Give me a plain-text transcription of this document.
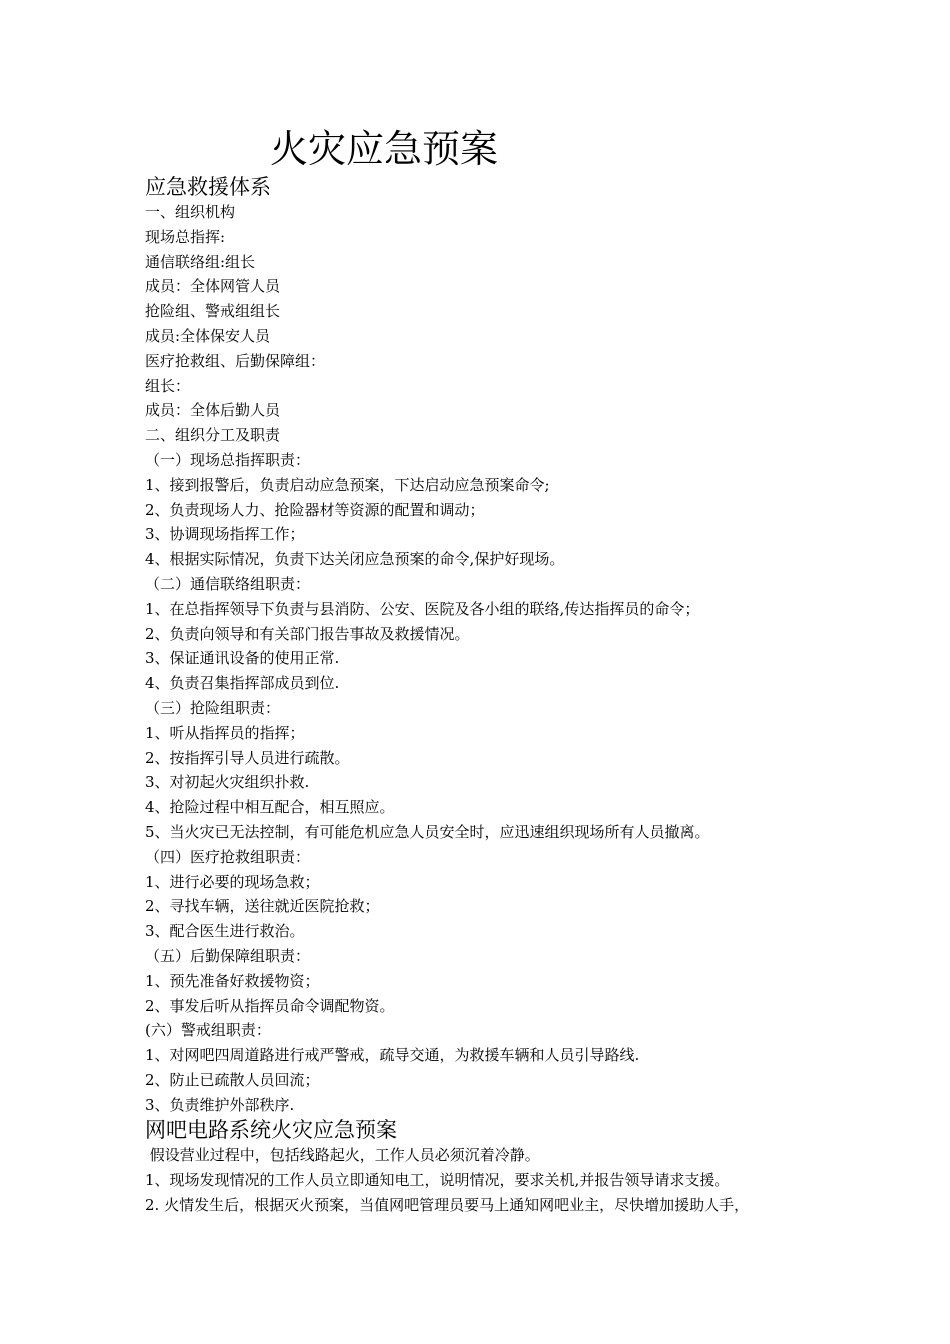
火灾应急预案
应急救援体系
一、组织机构
现场总指挥:
通信联络组:组长
成员：全体网管人员
抢险组、警戒组组长
成员:全体保安人员
医疗抢救组、后勤保障组：
组长：
成员：全体后勤人员
二、组织分工及职责
（一）现场总指挥职责：
1、接到报警后，负责启动应急预案，下达启动应急预案命令;
2、负责现场人力、抢险器材等资源的配置和调动；
3、协调现场指挥工作；
4、根据实际情况，负责下达关闭应急预案的命令,保护好现场。
（二）通信联络组职责：
1、在总指挥领导下负责与县消防、公安、医院及各小组的联络,传达指挥员的命令；
2、负责向领导和有关部门报告事故及救援情况。
3、保证通讯设备的使用正常.
4、负责召集指挥部成员到位.
（三）抢险组职责：
1、听从指挥员的指挥；
2、按指挥引导人员进行疏散。
3、对初起火灾组织扑救.
4、抢险过程中相互配合，相互照应。
5、当火灾已无法控制，有可能危机应急人员安全时，应迅速组织现场所有人员撤离。
（四）医疗抢救组职责：
1、进行必要的现场急救；
2、寻找车辆，送往就近医院抢救；
3、配合医生进行救治。
（五）后勤保障组职责：
1、预先准备好救援物资；
2、事发后听从指挥员命令调配物资。
(六）警戒组职责：
1、对网吧四周道路进行戒严警戒，疏导交通，为救援车辆和人员引导路线.
2、防止已疏散人员回流；
3、负责维护外部秩序.
网吧电路系统火灾应急预案
假设营业过程中，包括线路起火，工作人员必须沉着冷静。
1、现场发现情况的工作人员立即通知电工，说明情况，要求关机,并报告领导请求支援。
2. 火情发生后，根据灭火预案，当值网吧管理员要马上通知网吧业主，尽快增加援助人手，
